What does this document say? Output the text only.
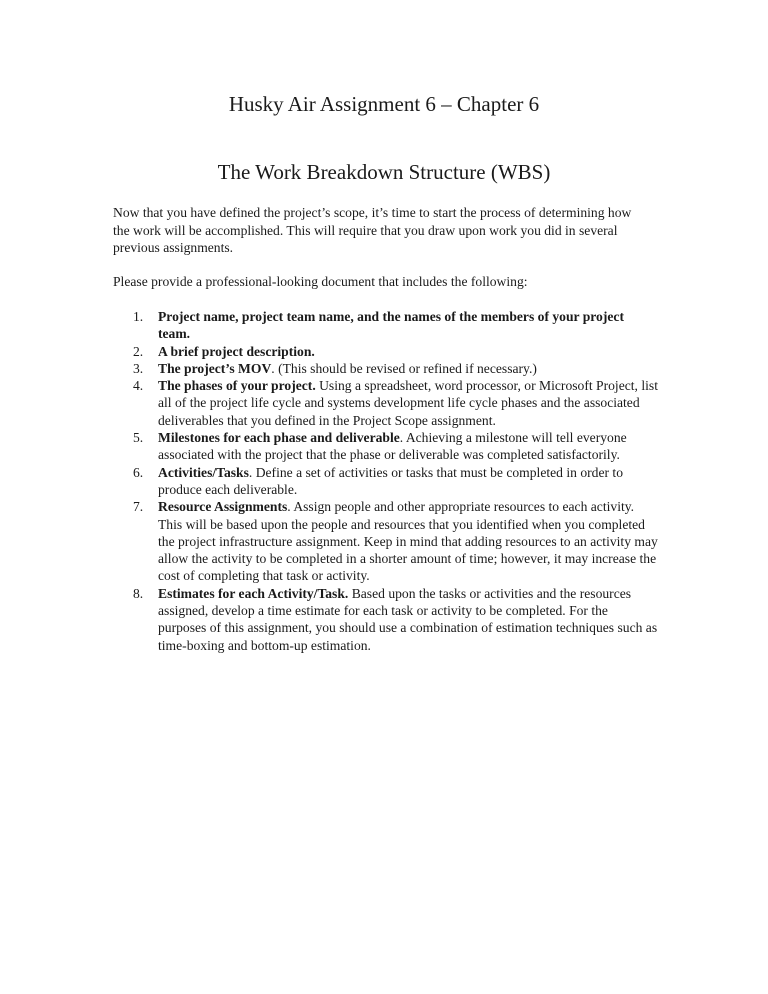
Husky Air Assignment 6 – Chapter 6
The Work Breakdown Structure (WBS)

Now that you have defined the project’s scope, it’s time to start the process of determining how the work will be accomplished. This will require that you draw upon work you did in several previous assignments.

Please provide a professional-looking document that includes the following:

1.	Project name, project team name, and the names of the members of your project team.
2.	A brief project description.
3.	The project’s MOV. (This should be revised or refined if necessary.)
4.	The phases of your project. Using a spreadsheet, word processor, or Microsoft Project, list all of the project life cycle and systems development life cycle phases and the associated deliverables that you defined in the Project Scope assignment.
5.	Milestones for each phase and deliverable. Achieving a milestone will tell everyone associated with the project that the phase or deliverable was completed satisfactorily.
6.	Activities/Tasks. Define a set of activities or tasks that must be completed in order to produce each deliverable.
7.	Resource Assignments. Assign people and other appropriate resources to each activity. This will be based upon the people and resources that you identified when you completed the project infrastructure assignment. Keep in mind that adding resources to an activity may allow the activity to be completed in a shorter amount of time; however, it may increase the cost of completing that task or activity.
8.	Estimates for each Activity/Task. Based upon the tasks or activities and the resources assigned, develop a time estimate for each task or activity to be completed. For the purposes of this assignment, you should use a combination of estimation techniques such as time-boxing and bottom-up estimation.
